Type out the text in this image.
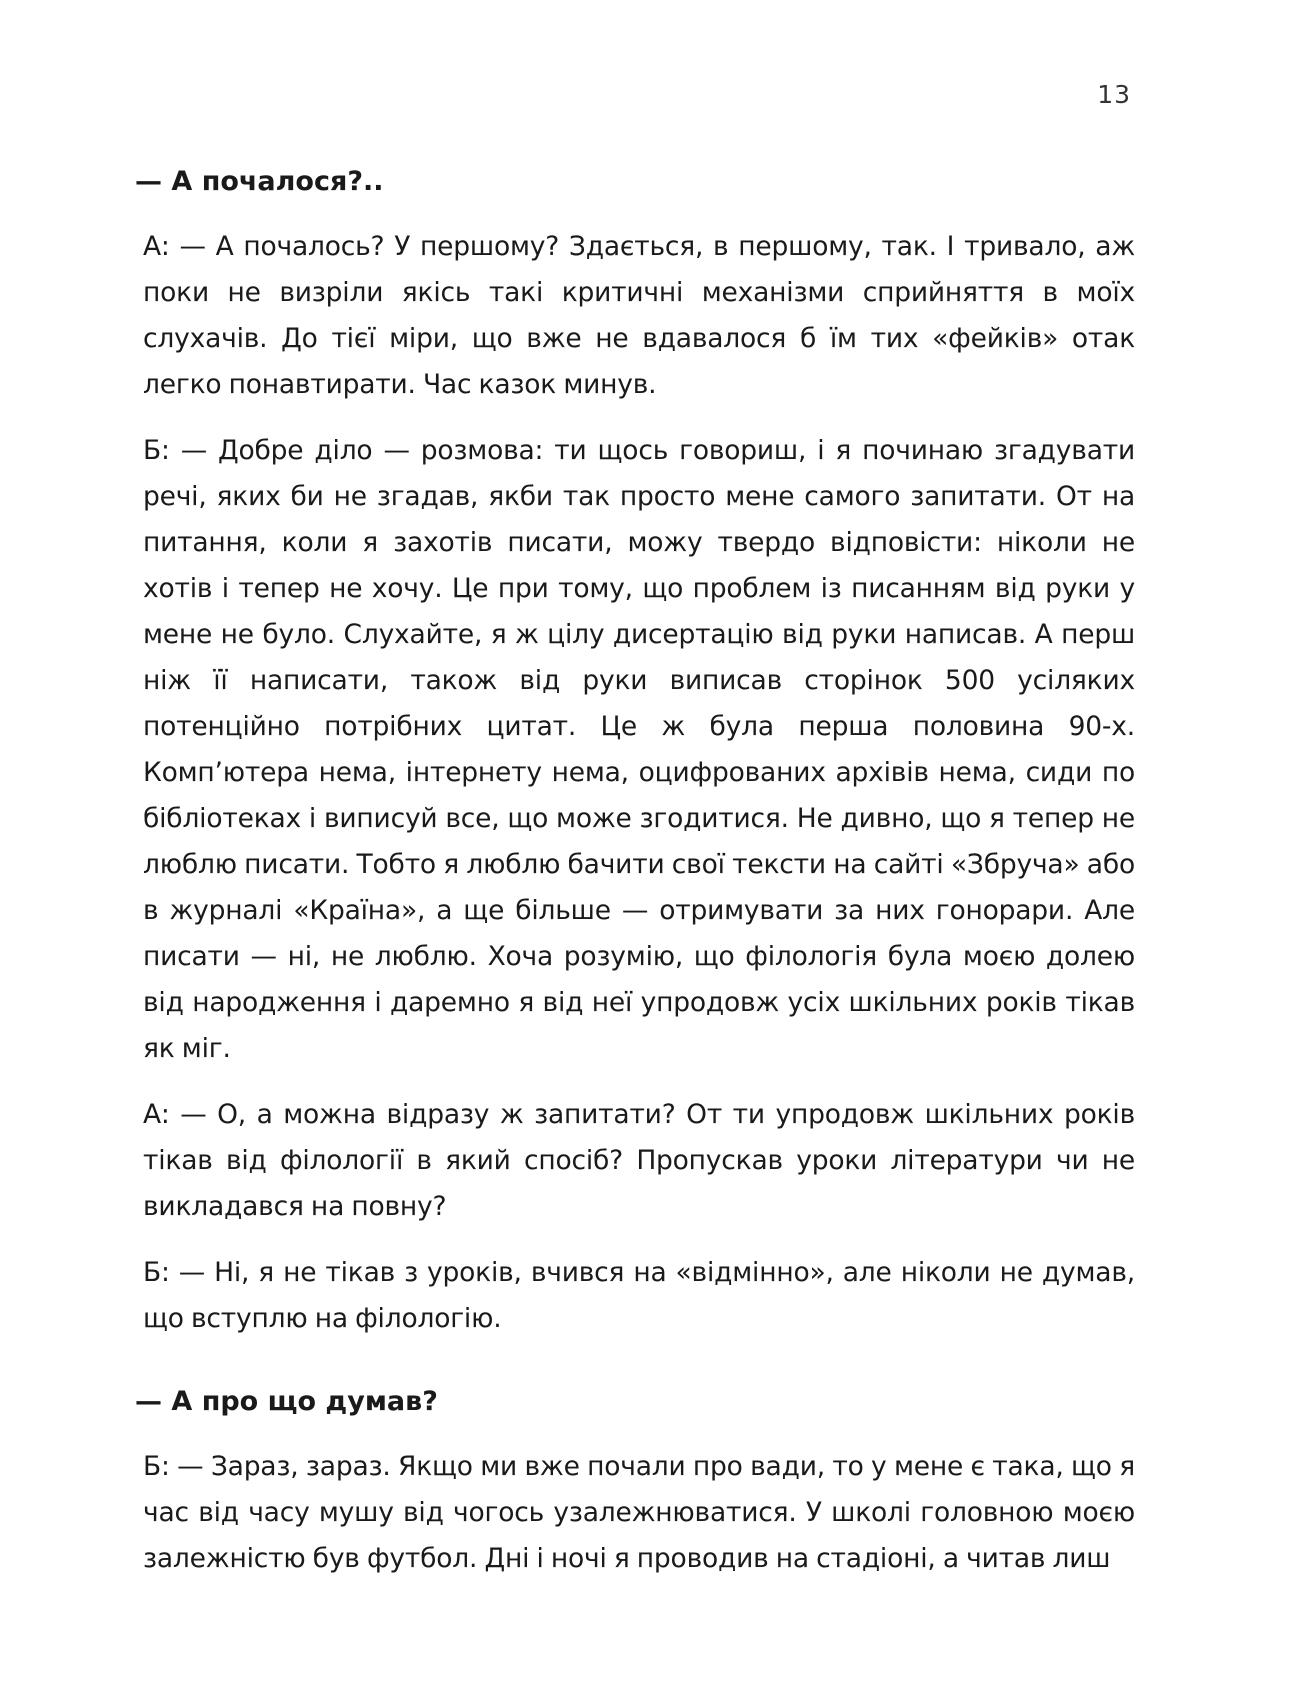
13

— А почалося?..

А: — А почалось? У першому? Здається, в першому, так. І тривало, аж поки не визріли якісь такі критичні механізми сприйняття в моїх слухачів. До тієї міри, що вже не вдавалося б їм тих «фейків» отак легко понавтирати. Час казок минув.

Б: — Добре діло — розмова: ти щось говориш, і я починаю згадувати речі, яких би не згадав, якби так просто мене самого запитати. От на питання, коли я захотів писати, можу твердо відповісти: ніколи не хотів і тепер не хочу. Це при тому, що проблем із писанням від руки у мене не було. Слухайте, я ж цілу дисертацію від руки написав. А перш ніж її написати, також від руки виписав сторінок 500 усіляких потенційно потрібних цитат. Це ж була перша половина 90-х. Комп’ютера нема, інтернету нема, оцифрованих архівів нема, сиди по бібліотеках і виписуй все, що може згодитися. Не дивно, що я тепер не люблю писати. Тобто я люблю бачити свої тексти на сайті «Збруча» або в журналі «Країна», а ще більше — отримувати за них гонорари. Але писати — ні, не люблю. Хоча розумію, що філологія була моєю долею від народження і даремно я від неї упродовж усіх шкільних років тікав як міг.

А: — О, а можна відразу ж запитати? От ти упродовж шкільних років тікав від філології в який спосіб? Пропускав уроки літератури чи не викладався на повну?

Б: — Ні, я не тікав з уроків, вчився на «відмінно», але ніколи не думав, що вступлю на філологію.

— А про що думав?

Б: — Зараз, зараз. Якщо ми вже почали про вади, то у мене є така, що я час від часу мушу від чогось узалежнюватися. У школі головною моєю залежністю був футбол. Дні і ночі я проводив на стадіоні, а читав лиш
